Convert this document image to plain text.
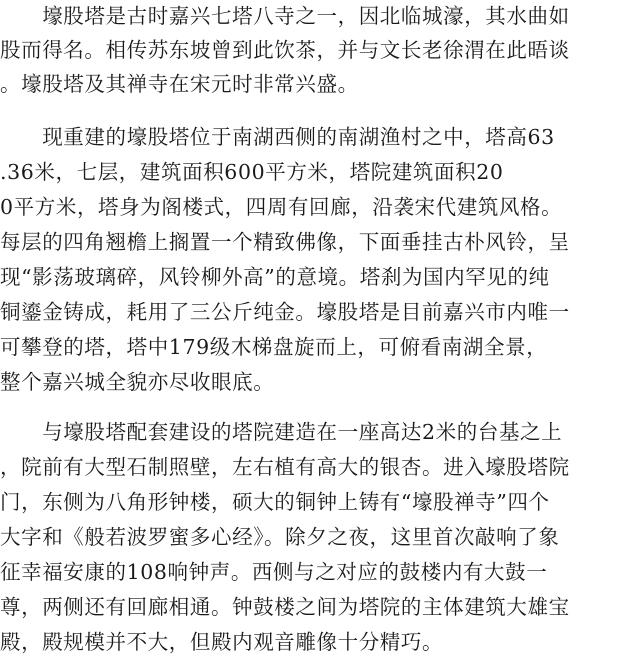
　　壕股塔是古时嘉兴七塔八寺之一，因北临城濠，其水曲如
股而得名。相传苏东坡曾到此饮茶，并与文长老徐渭在此晤谈
。壕股塔及其禅寺在宋元时非常兴盛。
　　现重建的壕股塔位于南湖西侧的南湖渔村之中，塔高63
.36米，七层，建筑面积600平方米，塔院建筑面积20
0平方米，塔身为阁楼式，四周有回廊，沿袭宋代建筑风格。
每层的四角翘檐上搁置一个精致佛像，下面垂挂古朴风铃，呈
现“影荡玻璃碎，风铃柳外高”的意境。塔刹为国内罕见的纯
铜鎏金铸成，耗用了三公斤纯金。壕股塔是目前嘉兴市内唯一
可攀登的塔，塔中179级木梯盘旋而上，可俯看南湖全景，
整个嘉兴城全貌亦尽收眼底。
　　与壕股塔配套建设的塔院建造在一座高达2米的台基之上
，院前有大型石制照壁，左右植有高大的银杏。进入壕股塔院
门，东侧为八角形钟楼，硕大的铜钟上铸有“壕股禅寺”四个
大字和《般若波罗蜜多心经》。除夕之夜，这里首次敲响了象
征幸福安康的108响钟声。西侧与之对应的鼓楼内有大鼓一
尊，两侧还有回廊相通。钟鼓楼之间为塔院的主体建筑大雄宝
殿，殿规模并不大，但殿内观音雕像十分精巧。
